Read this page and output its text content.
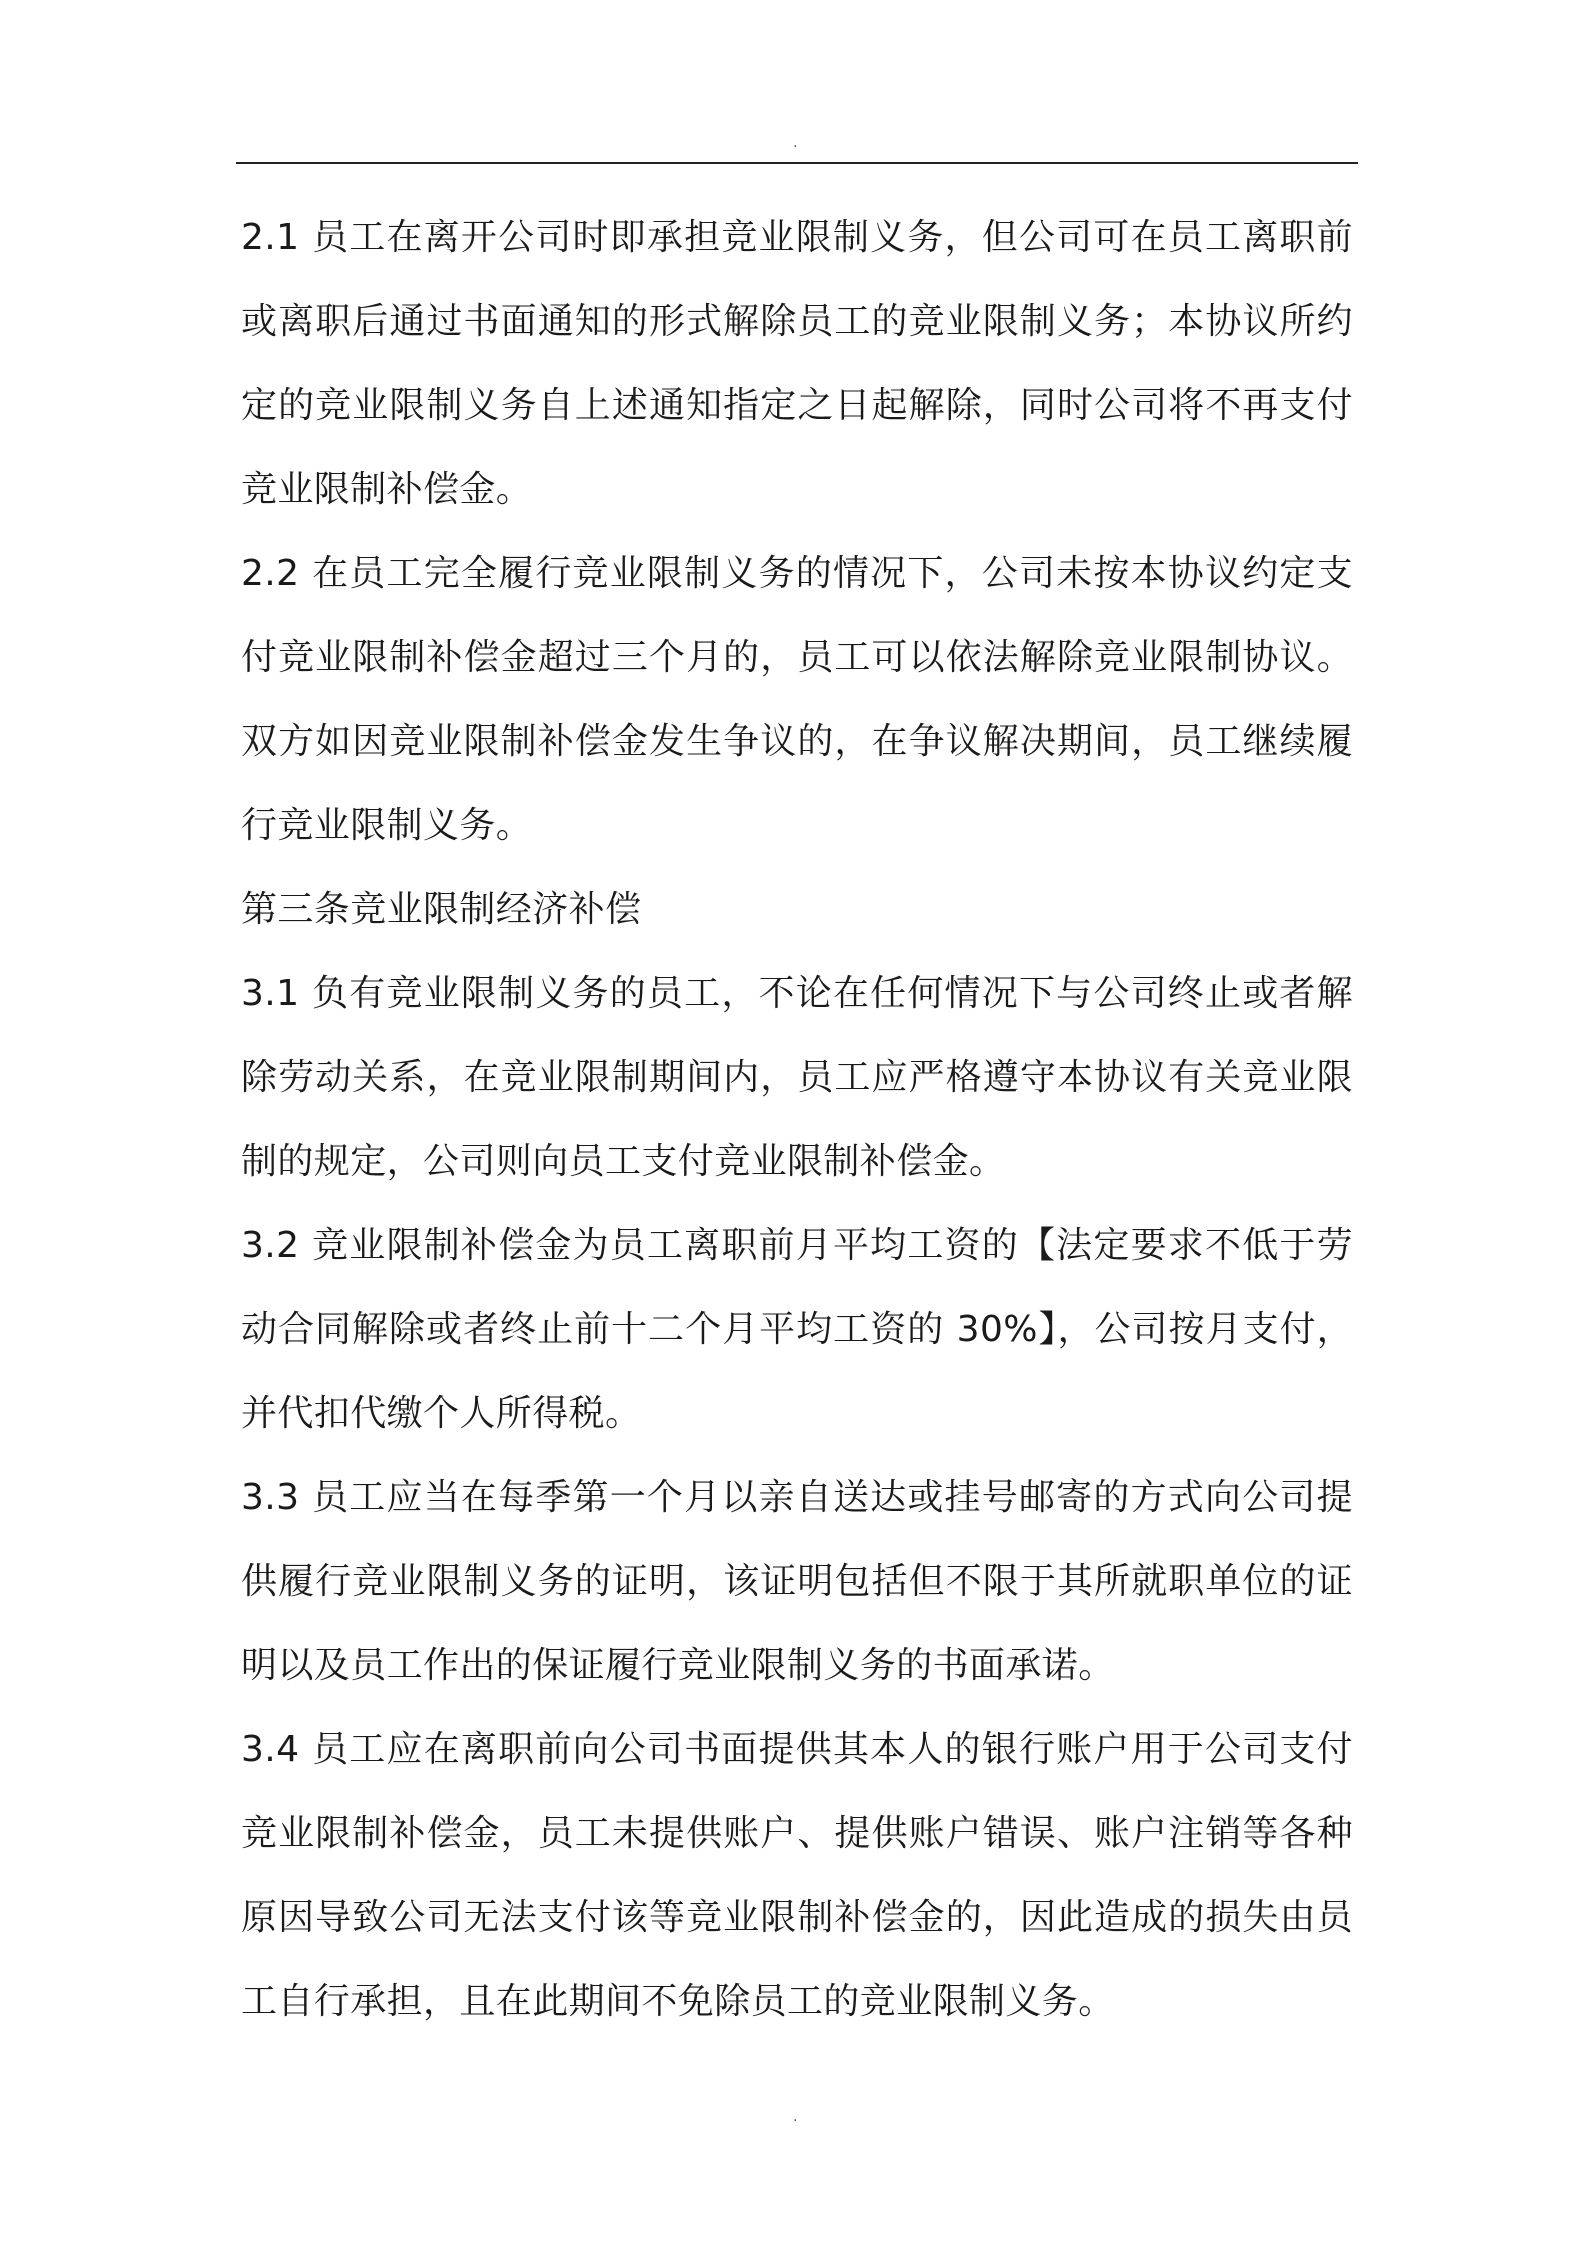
.

2.1 员工在离开公司时即承担竞业限制义务，但公司可在员工离职前或离职后通过书面通知的形式解除员工的竞业限制义务；本协议所约定的竞业限制义务自上述通知指定之日起解除，同时公司将不再支付竞业限制补偿金。

2.2 在员工完全履行竞业限制义务的情况下，公司未按本协议约定支付竞业限制补偿金超过三个月的，员工可以依法解除竞业限制协议。双方如因竞业限制补偿金发生争议的，在争议解决期间，员工继续履行竞业限制义务。

第三条竞业限制经济补偿

3.1 负有竞业限制义务的员工，不论在任何情况下与公司终止或者解除劳动关系，在竞业限制期间内，员工应严格遵守本协议有关竞业限制的规定，公司则向员工支付竞业限制补偿金。

3.2 竞业限制补偿金为员工离职前月平均工资的【法定要求不低于劳动合同解除或者终止前十二个月平均工资的 30%】，公司按月支付，并代扣代缴个人所得税。

3.3 员工应当在每季第一个月以亲自送达或挂号邮寄的方式向公司提供履行竞业限制义务的证明，该证明包括但不限于其所就职单位的证明以及员工作出的保证履行竞业限制义务的书面承诺。

3.4 员工应在离职前向公司书面提供其本人的银行账户用于公司支付竞业限制补偿金，员工未提供账户、提供账户错误、账户注销等各种原因导致公司无法支付该等竞业限制补偿金的，因此造成的损失由员工自行承担，且在此期间不免除员工的竞业限制义务。

.
